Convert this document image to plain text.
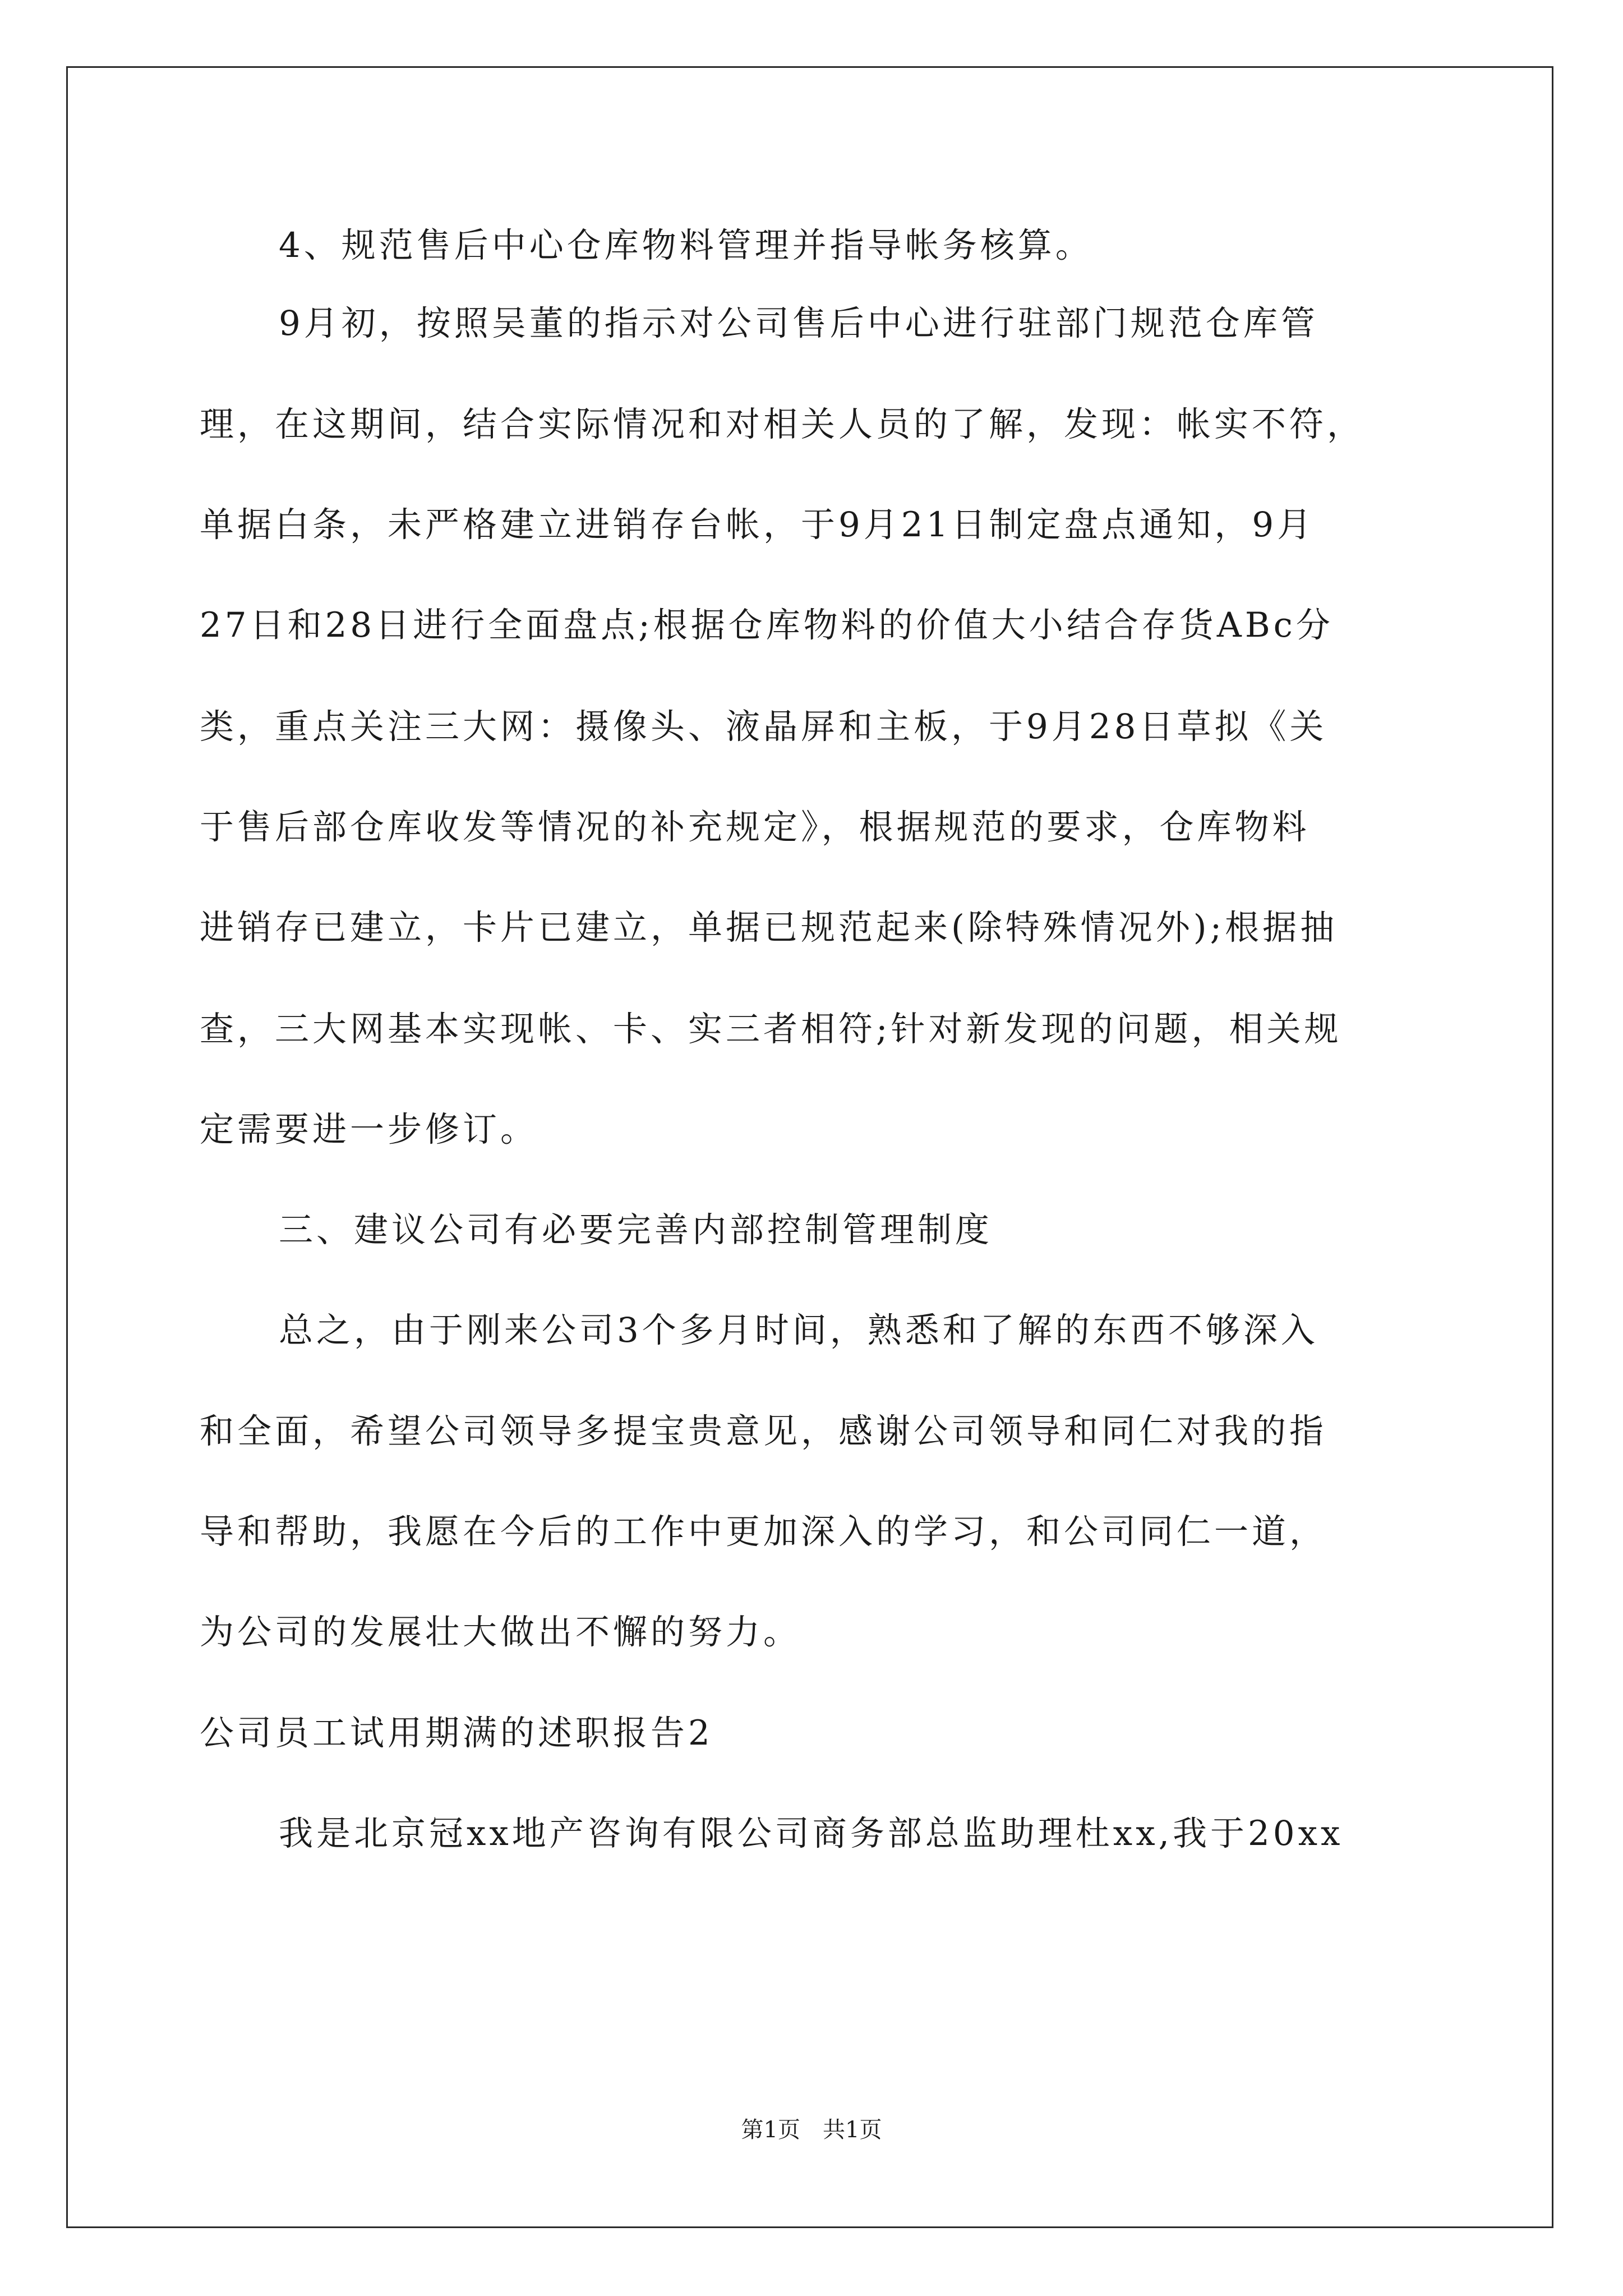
4、规范售后中心仓库物料管理并指导帐务核算。
9月初，按照吴董的指示对公司售后中心进行驻部门规范仓库管
理，在这期间，结合实际情况和对相关人员的了解，发现：帐实不符，
单据白条，未严格建立进销存台帐，于9月21日制定盘点通知，9月
27日和28日进行全面盘点;根据仓库物料的价值大小结合存货ABc分
类，重点关注三大网：摄像头、液晶屏和主板，于9月28日草拟《关
于售后部仓库收发等情况的补充规定》，根据规范的要求，仓库物料
进销存已建立，卡片已建立，单据已规范起来(除特殊情况外);根据抽
查，三大网基本实现帐、卡、实三者相符;针对新发现的问题，相关规
定需要进一步修订。
三、建议公司有必要完善内部控制管理制度
总之，由于刚来公司3个多月时间，熟悉和了解的东西不够深入
和全面，希望公司领导多提宝贵意见，感谢公司领导和同仁对我的指
导和帮助，我愿在今后的工作中更加深入的学习，和公司同仁一道，
为公司的发展壮大做出不懈的努力。
公司员工试用期满的述职报告2
我是北京冠xx地产咨询有限公司商务部总监助理杜xx,我于20xx
第1页 共1页
